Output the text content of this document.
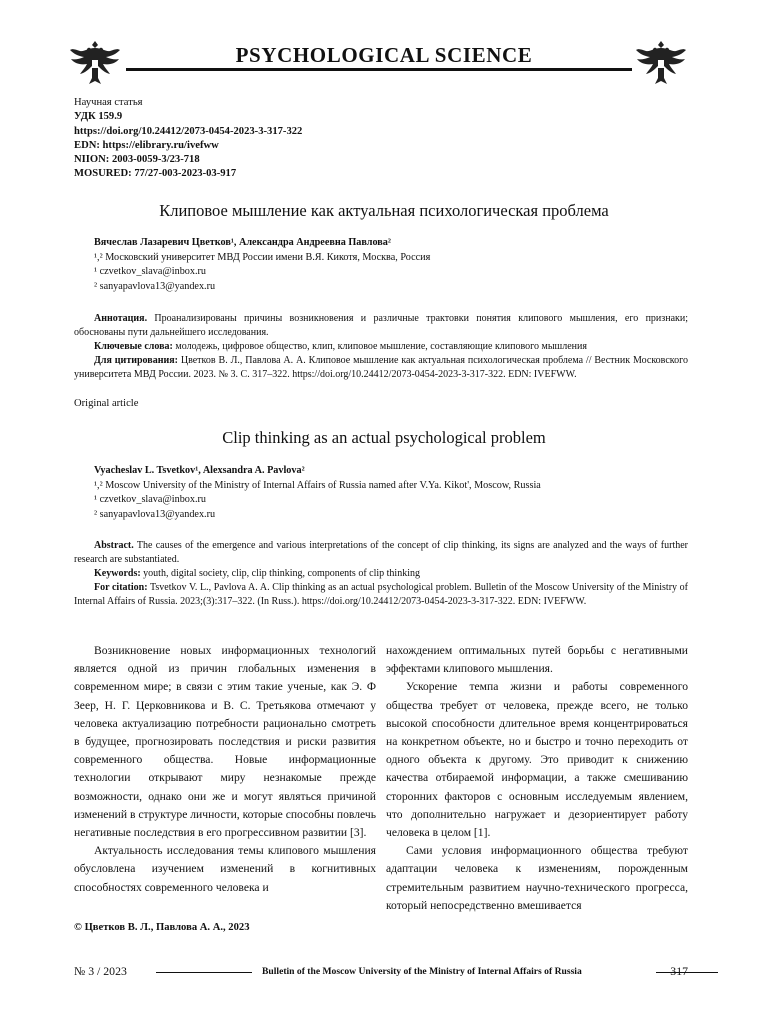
PSYCHOLOGICAL SCIENCE
Научная статья
УДК 159.9
https://doi.org/10.24412/2073-0454-2023-3-317-322
EDN: https://elibrary.ru/ivefww
NIION: 2003-0059-3/23-718
MOSURED: 77/27-003-2023-03-917
Клиповое мышление как актуальная психологическая проблема
Вячеслав Лазаревич Цветков¹, Александра Андреевна Павлова²
¹,² Московский университет МВД России имени В.Я. Кикотя, Москва, Россия
¹ czvetkov_slava@inbox.ru
² sanyapavlova13@yandex.ru
Аннотация. Проанализированы причины возникновения и различные трактовки понятия клипового мышления, его признаки; обоснованы пути дальнейшего исследования.
Ключевые слова: молодежь, цифровое общество, клип, клиповое мышление, составляющие клипового мышления
Для цитирования: Цветков В. Л., Павлова А. А. Клиповое мышление как актуальная психологическая проблема // Вестник Московского университета МВД России. 2023. № 3. С. 317–322. https://doi.org/10.24412/2073-0454-2023-3-317-322. EDN: IVEFWW.
Original article
Clip thinking as an actual psychological problem
Vyacheslav L. Tsvetkov¹, Alexsandra A. Pavlova²
¹,² Moscow University of the Ministry of Internal Affairs of Russia named after V.Ya. Kikot', Moscow, Russia
¹ czvetkov_slava@inbox.ru
² sanyapavlova13@yandex.ru
Abstract. The causes of the emergence and various interpretations of the concept of clip thinking, its signs are analyzed and the ways of further research are substantiated.
Keywords: youth, digital society, clip, clip thinking, components of clip thinking
For citation: Tsvetkov V. L., Pavlova A. A. Clip thinking as an actual psychological problem. Bulletin of the Moscow University of the Ministry of Internal Affairs of Russia. 2023;(3):317–322. (In Russ.). https://doi.org/10.24412/2073-0454-2023-3-317-322. EDN: IVEFWW.

Возникновение новых информационных технологий является одной из причин глобальных изменения в современном мире; в связи с этим такие ученые, как Э. Ф Зеер, Н. Г. Церковникова и В. С. Третьякова отмечают у человека актуализацию потребности рационально смотреть в будущее, прогнозировать последствия и риски развития современного общества. Новые информационные технологии открывают миру незнакомые прежде возможности, однако они же и могут являться причиной изменений в структуре личности, которые способны повлечь негативные последствия в его прогрессивном развитии [3].

Актуальность исследования темы клипового мышления обусловлена изучением изменений в когнитивных способностях современного человека и

нахождением оптимальных путей борьбы с негативными эффектами клипового мышления.

Ускорение темпа жизни и работы современного общества требует от человека, прежде всего, не только высокой способности длительное время концентрироваться на конкретном объекте, но и быстро и точно переходить от одного объекта к другому. Это приводит к снижению качества отбираемой информации, а также смешиванию сторонних факторов с основным исследуемым явлением, что дополнительно нагружает и дезориентирует работу человека в целом [1].

Сами условия информационного общества требуют адаптации человека к изменениям, порожденным стремительным развитием научно-технического прогресса, который непосредственно вмешивается

© Цветков В. Л., Павлова А. А., 2023
№ 3 / 2023	Bulletin of the Moscow University of the Ministry of Internal Affairs of Russia	317
